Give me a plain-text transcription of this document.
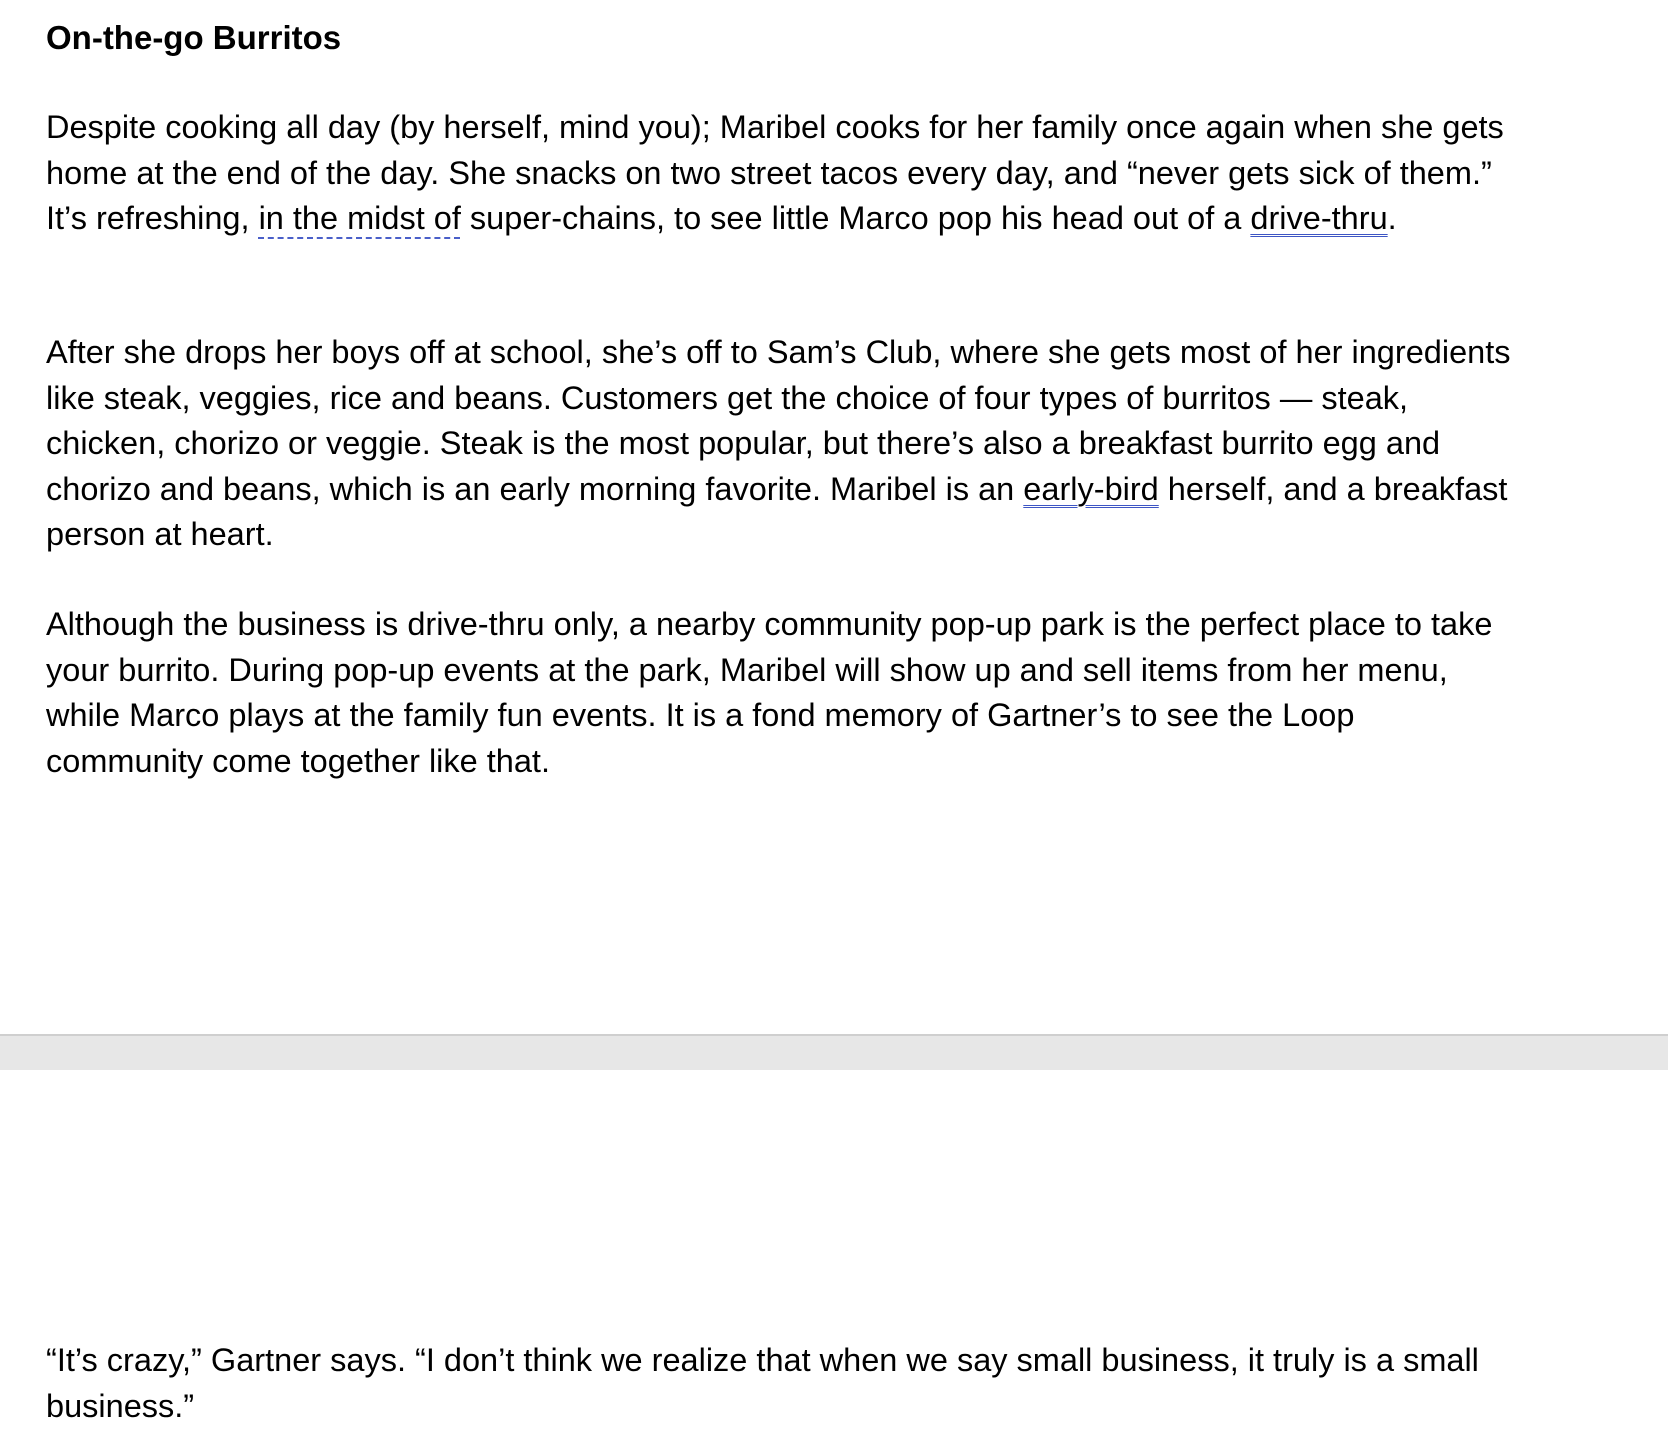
On-the-go Burritos

Despite cooking all day (by herself, mind you); Maribel cooks for her family once again when she gets home at the end of the day. She snacks on two street tacos every day, and “never gets sick of them.” It’s refreshing, in the midst of super-chains, to see little Marco pop his head out of a drive-thru.

After she drops her boys off at school, she’s off to Sam’s Club, where she gets most of her ingredients like steak, veggies, rice and beans. Customers get the choice of four types of burritos — steak, chicken, chorizo or veggie. Steak is the most popular, but there’s also a breakfast burrito egg and chorizo and beans, which is an early morning favorite. Maribel is an early-bird herself, and a breakfast person at heart.

Although the business is drive-thru only, a nearby community pop-up park is the perfect place to take your burrito. During pop-up events at the park, Maribel will show up and sell items from her menu, while Marco plays at the family fun events. It is a fond memory of Gartner’s to see the Loop community come together like that.

“It’s crazy,” Gartner says. “I don’t think we realize that when we say small business, it truly is a small business.”
